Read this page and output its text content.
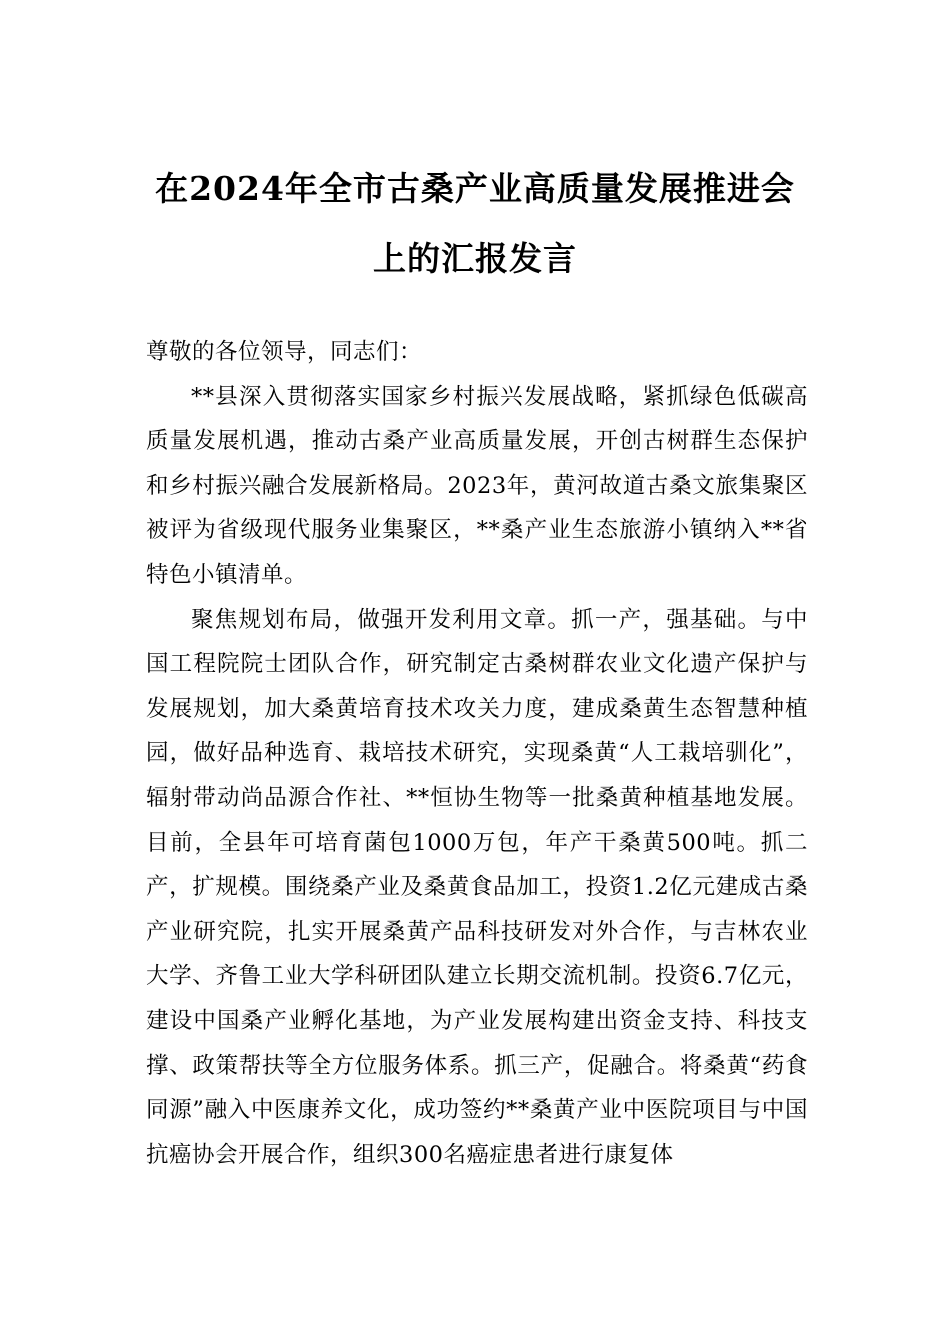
在2024年全市古桑产业高质量发展推进会
上的汇报发言

尊敬的各位领导，同志们：

**县深入贯彻落实国家乡村振兴发展战略，紧抓绿色低碳高质量发展机遇，推动古桑产业高质量发展，开创古树群生态保护和乡村振兴融合发展新格局。2023年，黄河故道古桑文旅集聚区被评为省级现代服务业集聚区，**桑产业生态旅游小镇纳入**省特色小镇清单。

聚焦规划布局，做强开发利用文章。抓一产，强基础。与中国工程院院士团队合作，研究制定古桑树群农业文化遗产保护与发展规划，加大桑黄培育技术攻关力度，建成桑黄生态智慧种植园，做好品种选育、栽培技术研究，实现桑黄“人工栽培驯化”，辐射带动尚品源合作社、**恒协生物等一批桑黄种植基地发展。目前，全县年可培育菌包1000万包，年产干桑黄500吨。抓二产，扩规模。围绕桑产业及桑黄食品加工，投资1.2亿元建成古桑产业研究院，扎实开展桑黄产品科技研发对外合作，与吉林农业大学、齐鲁工业大学科研团队建立长期交流机制。投资6.7亿元，建设中国桑产业孵化基地，为产业发展构建出资金支持、科技支撑、政策帮扶等全方位服务体系。抓三产，促融合。将桑黄“药食同源”融入中医康养文化，成功签约**桑黄产业中医院项目与中国抗癌协会开展合作，组织300名癌症患者进行康复体
